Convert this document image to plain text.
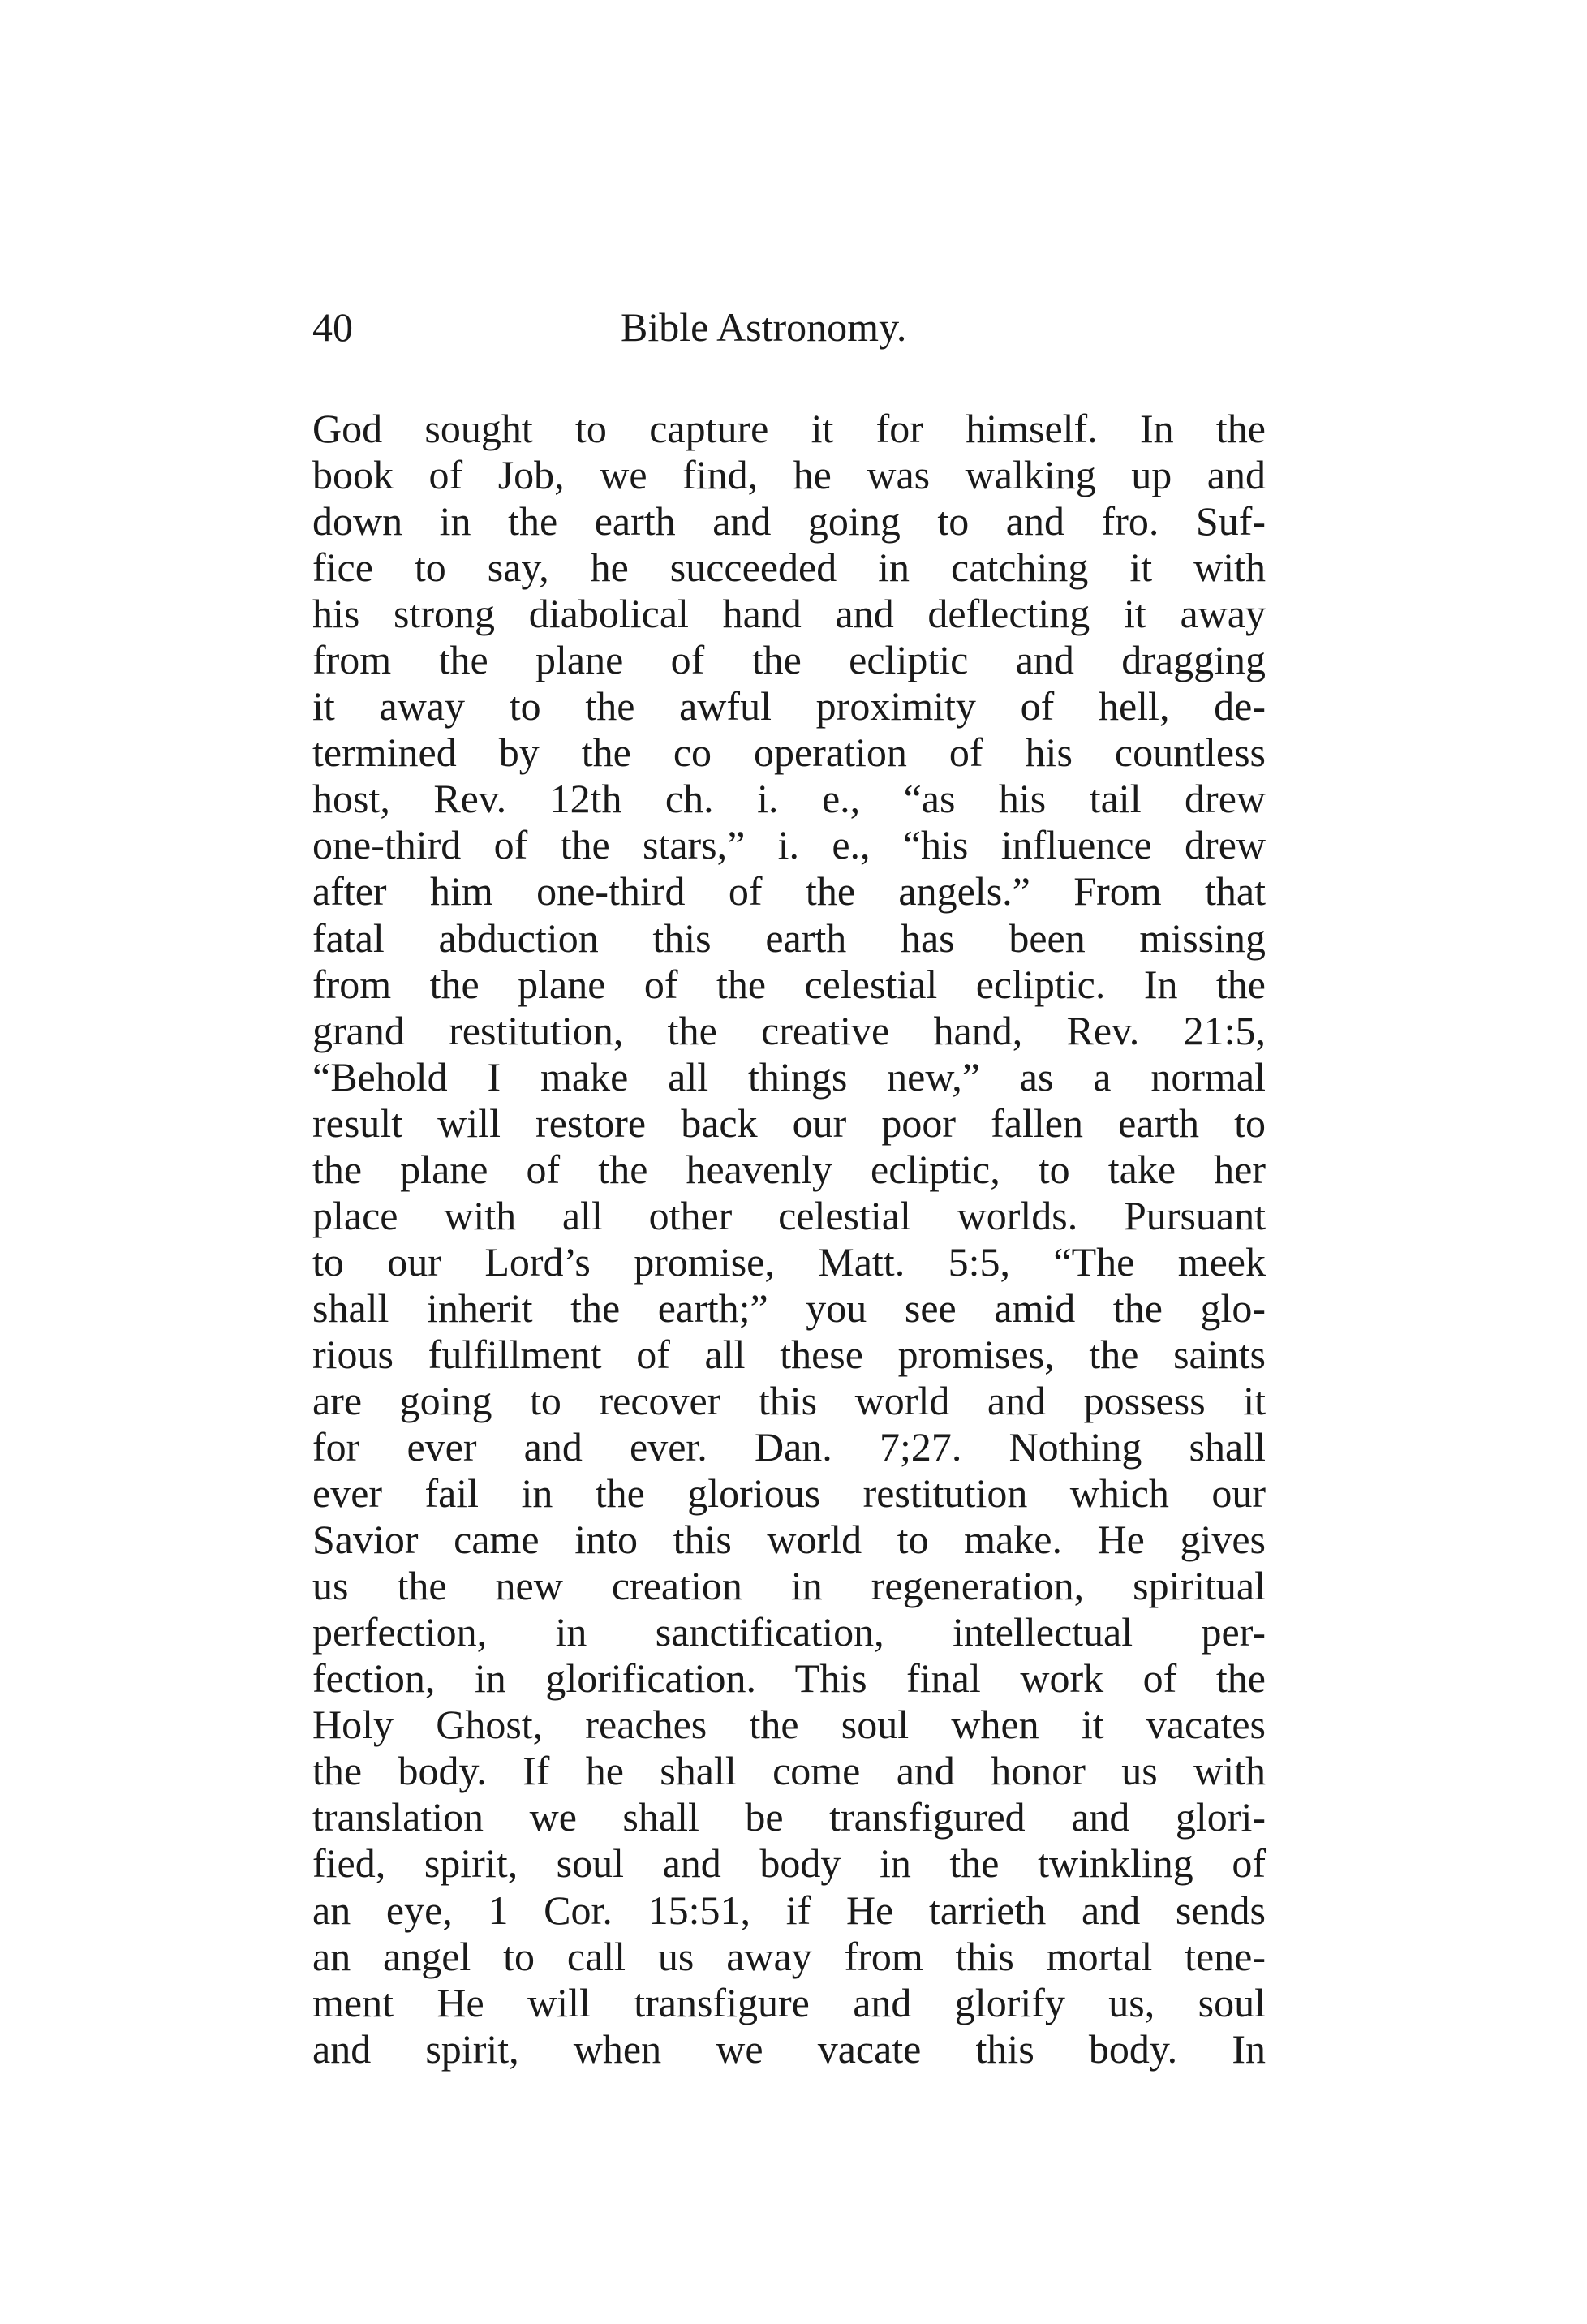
40	Bible Astronomy.
God sought to capture it for himself. In the
book of Job, we find, he was walking up and
down in the earth and going to and fro. Suf-
fice to say, he succeeded in catching it with
his strong diabolical hand and deflecting it away
from the plane of the ecliptic and dragging
it away to the awful proximity of hell, de-
termined by the co operation of his countless
host, Rev. 12th ch. i. e., “as his tail drew
one-third of the stars,” i. e., “his influence drew
after him one-third of the angels.” From that
fatal abduction this earth has been missing
from the plane of the celestial ecliptic. In the
grand restitution, the creative hand, Rev. 21:5,
“Behold I make all things new,” as a normal
result will restore back our poor fallen earth to
the plane of the heavenly ecliptic, to take her
place with all other celestial worlds. Pursuant
to our Lord’s promise, Matt. 5:5, “The meek
shall inherit the earth;” you see amid the glo-
rious fulfillment of all these promises, the saints
are going to recover this world and possess it
for ever and ever. Dan. 7;27. Nothing shall
ever fail in the glorious restitution which our
Savior came into this world to make. He gives
us the new creation in regeneration, spiritual
perfection, in sanctification, intellectual per-
fection, in glorification. This final work of the
Holy Ghost, reaches the soul when it vacates
the body. If he shall come and honor us with
translation we shall be transfigured and glori-
fied, spirit, soul and body in the twinkling of
an eye, 1 Cor. 15:51, if He tarrieth and sends
an angel to call us away from this mortal tene-
ment He will transfigure and glorify us, soul
and spirit, when we vacate this body. In
